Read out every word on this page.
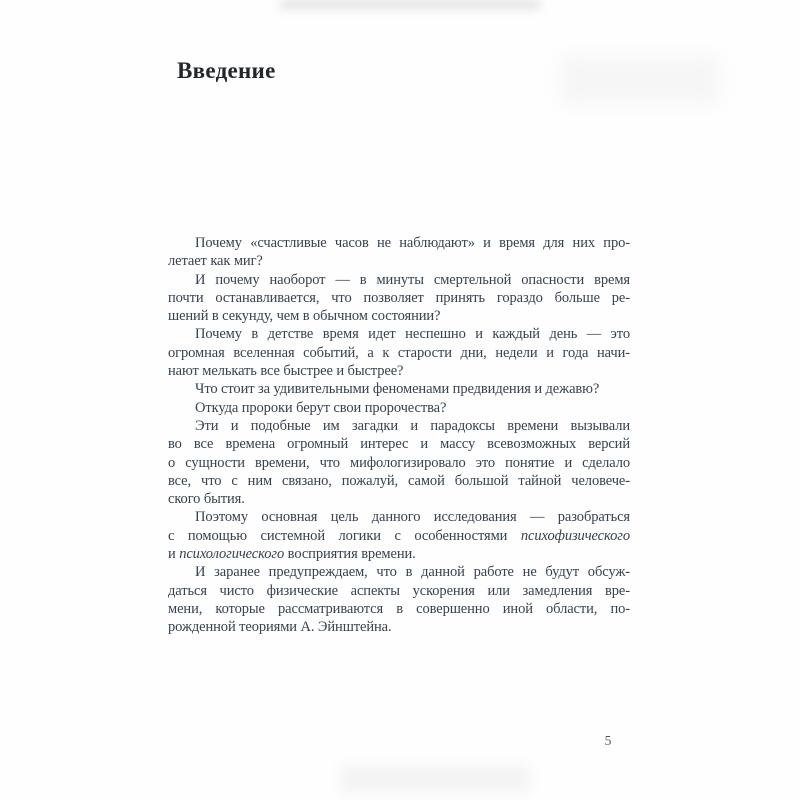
Введение
Почему «счастливые часов не наблюдают» и время для них про-
летает как миг?
И почему наоборот — в минуты смертельной опасности время
почти останавливается, что позволяет принять гораздо больше ре-
шений в секунду, чем в обычном состоянии?
Почему в детстве время идет неспешно и каждый день — это
огромная вселенная событий, а к старости дни, недели и года начи-
нают мелькать все быстрее и быстрее?
Что стоит за удивительными феноменами предвидения и дежавю?
Откуда пророки берут свои пророчества?
Эти и подобные им загадки и парадоксы времени вызывали
во все времена огромный интерес и массу всевозможных версий
о сущности времени, что мифологизировало это понятие и сделало
все, что с ним связано, пожалуй, самой большой тайной человече-
ского бытия.
Поэтому основная цель данного исследования — разобраться
с помощью системной логики с особенностями психофизического
и психологического восприятия времени.
И заранее предупреждаем, что в данной работе не будут обсуж-
даться чисто физические аспекты ускорения или замедления вре-
мени, которые рассматриваются в совершенно иной области, по-
рожденной теориями А. Эйнштейна.
5
